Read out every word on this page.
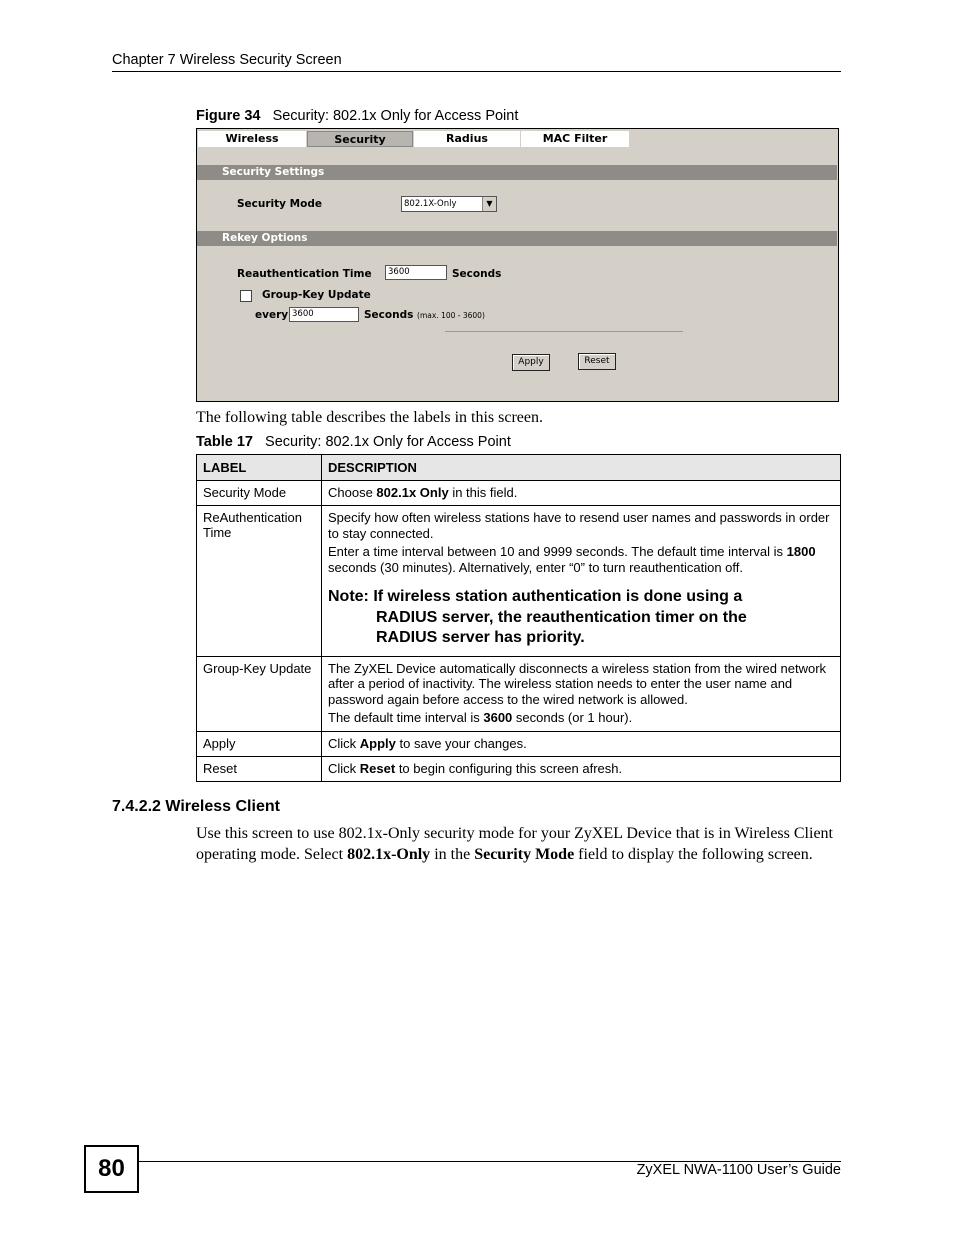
Chapter 7 Wireless Security Screen
Figure 34 Security: 802.1x Only for Access Point
Wireless	Security	Radius	MAC Filter
Security Settings
Security Mode	802.1X-Only	▼
Rekey Options
Reauthentication Time	3600	Seconds
Group-Key Update
every 3600	Seconds (max. 100 - 3600)
Apply	Reset
The following table describes the labels in this screen.
Table 17 Security: 802.1x Only for Access Point
LABEL	DESCRIPTION
Security Mode	Choose 802.1x Only in this field.
ReAuthentication Time	Specify how often wireless stations have to resend user names and passwords in order to stay connected.

Enter a time interval between 10 and 9999 seconds. The default time interval is 1800 seconds (30 minutes). Alternatively, enter “0” to turn reauthentication off.

Note: If wireless station authentication is done using a
RADIUS server, the reauthentication timer on the
RADIUS server has priority.

Group-Key Update	The ZyXEL Device automatically disconnects a wireless station from the wired network after a period of inactivity. The wireless station needs to enter the user name and password again before access to the wired network is allowed.

The default time interval is 3600 seconds (or 1 hour).

Apply	Click Apply to save your changes.
Reset	Click Reset to begin configuring this screen afresh.
7.4.2.2 Wireless Client
Use this screen to use 802.1x-Only security mode for your ZyXEL Device that is in Wireless Client operating mode. Select 802.1x-Only in the Security Mode field to display the following screen.
80	ZyXEL NWA-1100 User’s Guide
